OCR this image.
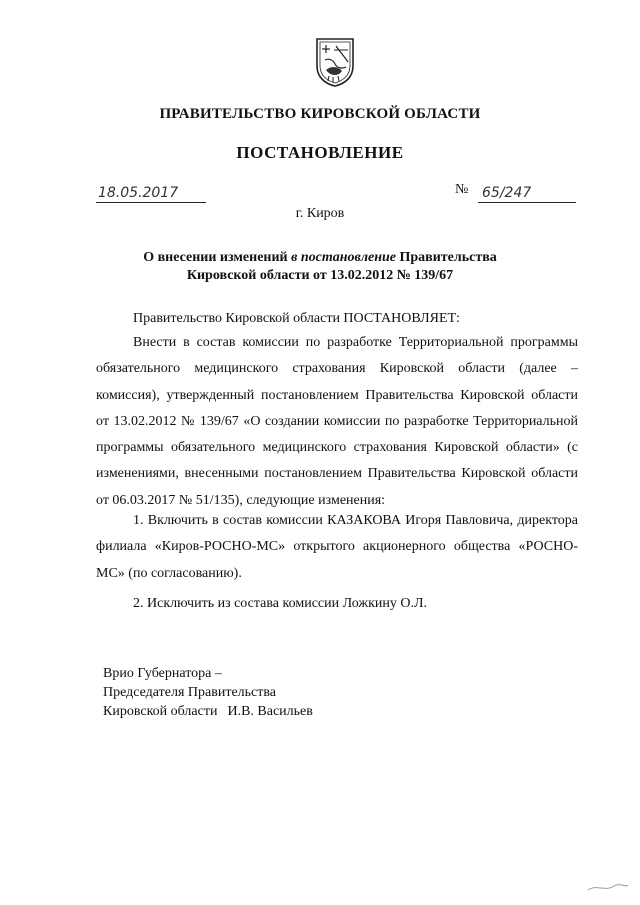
ПРАВИТЕЛЬСТВО КИРОВСКОЙ ОБЛАСТИ
ПОСТАНОВЛЕНИЕ
18.05.2017	№ 65/247
г. Киров
О внесении изменений в постановление Правительства
Кировской области от 13.02.2012 № 139/67

Правительство Кировской области ПОСТАНОВЛЯЕТ:

Внести в состав комиссии по разработке Территориальной программы обязательного медицинского страхования Кировской области (далее – комиссия), утвержденный постановлением Правительства Кировской области от 13.02.2012 № 139/67 «О создании комиссии по разработке Территориальной программы обязательного медицинского страхования Кировской области» (с изменениями, внесенными постановлением Правительства Кировской области от 06.03.2017 № 51/135), следующие изменения:

1. Включить в состав комиссии КАЗАКОВА Игоря Павловича, директора филиала «Киров-РОСНО-МС» открытого акционерного общества «РОСНО-МС» (по согласованию).

2. Исключить из состава комиссии Ложкину О.Л.

Врио Губернатора –
Председателя Правительства
Кировской области И.В. Васильев
